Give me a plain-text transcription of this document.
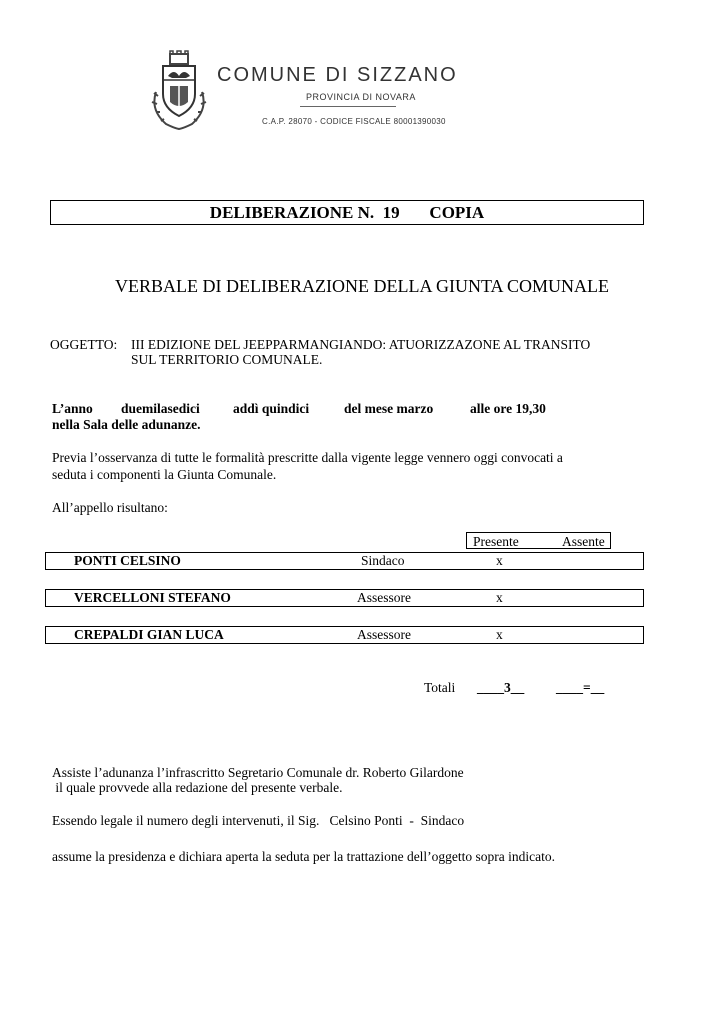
COMUNE DI SIZZANO
PROVINCIA DI NOVARA
C.A.P. 28070 - CODICE FISCALE 80001390030
DELIBERAZIONE N.  19       COPIA
VERBALE DI DELIBERAZIONE DELLA GIUNTA COMUNALE
OGGETTO: III EDIZIONE DEL JEEPPARMANGIANDO: ATUORIZZAZONE AL TRANSITO
SUL TERRITORIO COMUNALE.
L’anno duemilasedici addì quindici	del mese marzo	alle ore 19,30
nella Sala delle adunanze.
Previa l’osservanza di tutte le formalità prescritte dalla vigente legge vennero oggi convocati a
seduta i componenti la Giunta Comunale.
All’appello risultano:
Presente	Assente
PONTI CELSINO	Sindaco	x
VERCELLONI STEFANO	Assessore	x
CREPALDI GIAN LUCA	Assessore	x
Totali ____3__ ____=__
Assiste l’adunanza l’infrascritto Segretario Comunale dr. Roberto Gilardone
il quale provvede alla redazione del presente verbale.
Essendo legale il numero degli intervenuti, il Sig.   Celsino Ponti  -  Sindaco
assume la presidenza e dichiara aperta la seduta per la trattazione dell’oggetto sopra indicato.
